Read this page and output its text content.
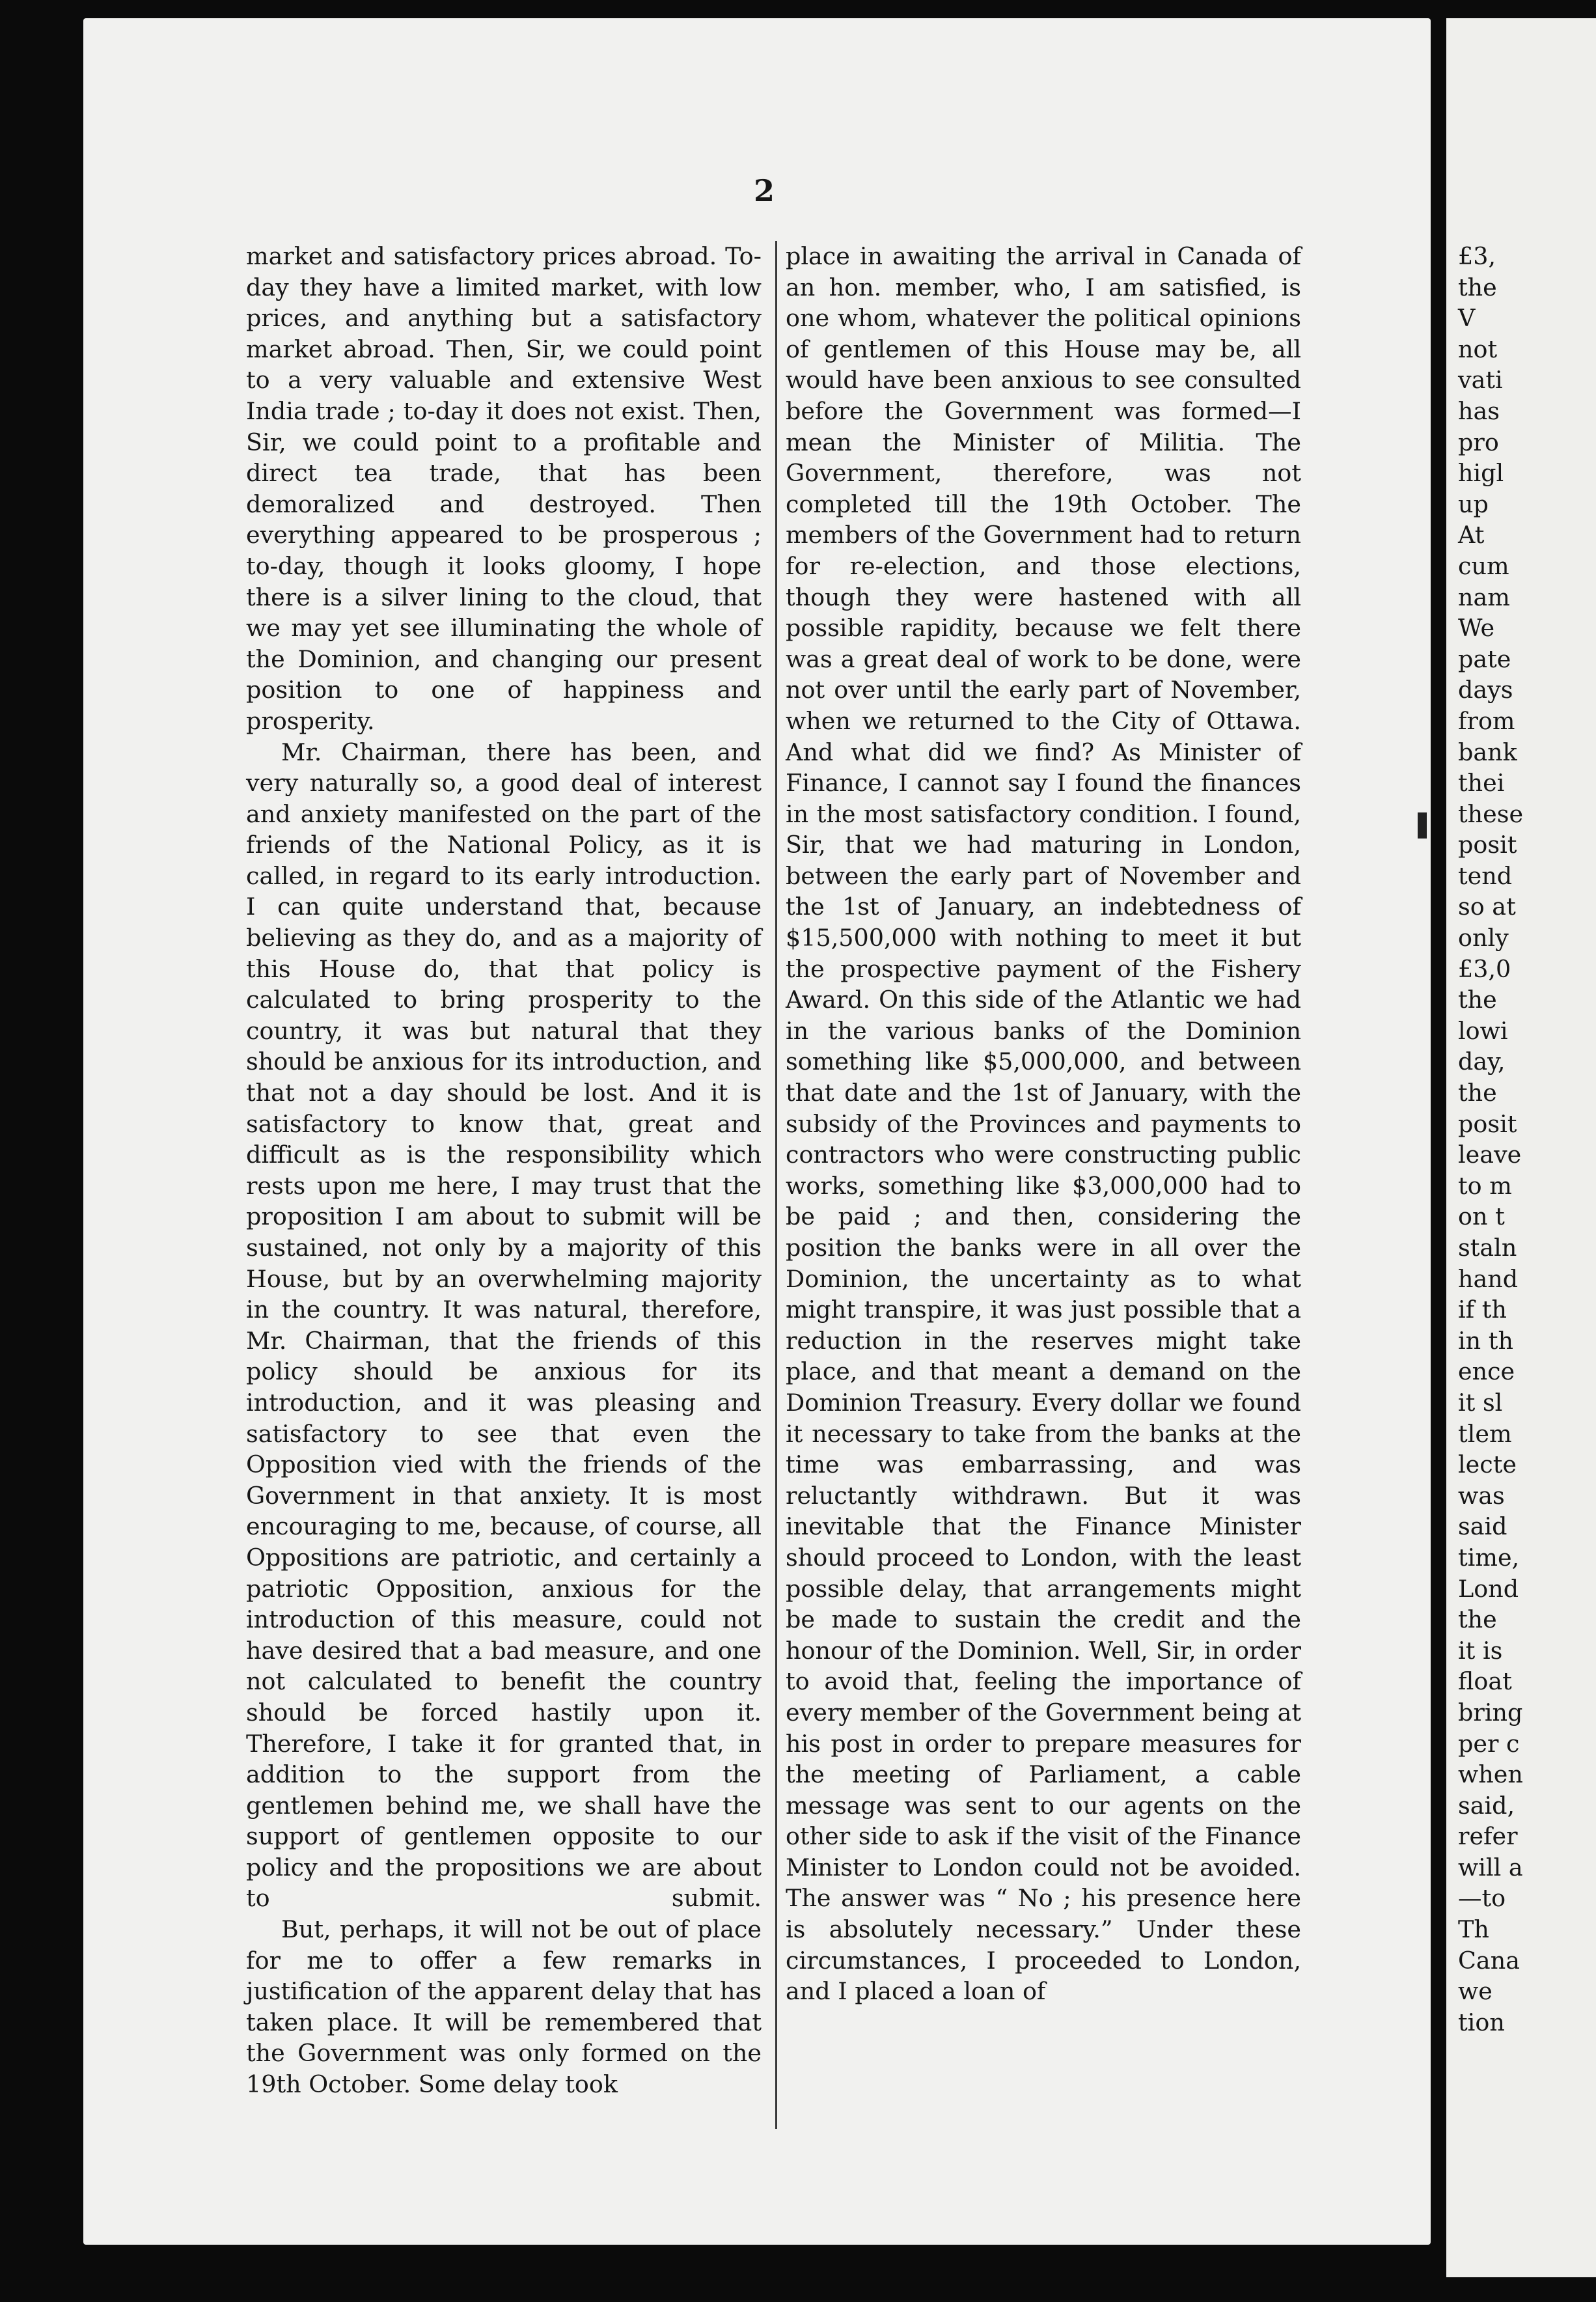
2

market and satisfactory prices abroad. To-day they have a limited market, with low prices, and anything but a satisfactory market abroad. Then, Sir, we could point to a very valuable and extensive West India trade ; to-day it does not exist. Then, Sir, we could point to a profitable and direct tea trade, that has been demoralized and destroyed. Then everything appeared to be prosperous ; to-day, though it looks gloomy, I hope there is a silver lining to the cloud, that we may yet see illuminating the whole of the Dominion, and changing our present position to one of happiness and prosperity.

Mr. Chairman, there has been, and very naturally so, a good deal of interest and anxiety manifested on the part of the friends of the National Policy, as it is called, in regard to its early introduction. I can quite understand that, because believing as they do, and as a majority of this House do, that that policy is calculated to bring prosperity to the country, it was but natural that they should be anxious for its introduction, and that not a day should be lost. And it is satisfactory to know that, great and difficult as is the responsibility which rests upon me here, I may trust that the proposition I am about to submit will be sustained, not only by a majority of this House, but by an overwhelming majority in the country. It was natural, therefore, Mr. Chairman, that the friends of this policy should be anxious for its introduction, and it was pleasing and satisfactory to see that even the Opposition vied with the friends of the Government in that anxiety. It is most encouraging to me, because, of course, all Oppositions are patriotic, and certainly a patriotic Opposition, anxious for the introduction of this measure, could not have desired that a bad measure, and one not calculated to benefit the country should be forced hastily upon it. Therefore, I take it for granted that, in addition to the support from the gentlemen behind me, we shall have the support of gentlemen opposite to our policy and the propositions we are about to submit.

But, perhaps, it will not be out of place for me to offer a few remarks in justification of the apparent delay that has taken place. It will be remembered that the Government was only formed on the 19th October. Some delay took

place in awaiting the arrival in Canada of an hon. member, who, I am satisfied, is one whom, whatever the political opinions of gentlemen of this House may be, all would have been anxious to see consulted before the Government was formed—I mean the Minister of Militia. The Government, therefore, was not completed till the 19th October. The members of the Government had to return for re-election, and those elections, though they were hastened with all possible rapidity, because we felt there was a great deal of work to be done, were not over until the early part of November, when we returned to the City of Ottawa. And what did we find? As Minister of Finance, I cannot say I found the finances in the most satisfactory condition. I found, Sir, that we had maturing in London, between the early part of November and the 1st of January, an indebtedness of $15,500,000 with nothing to meet it but the prospective payment of the Fishery Award. On this side of the Atlantic we had in the various banks of the Dominion something like $5,000,000, and between that date and the 1st of January, with the subsidy of the Provinces and payments to contractors who were constructing public works, something like $3,000,000 had to be paid ; and then, considering the position the banks were in all over the Dominion, the uncertainty as to what might transpire, it was just possible that a reduction in the reserves might take place, and that meant a demand on the Dominion Treasury. Every dollar we found it necessary to take from the banks at the time was embarrassing, and was reluctantly withdrawn. But it was inevitable that the Finance Minister should proceed to London, with the least possible delay, that arrangements might be made to sustain the credit and the honour of the Dominion. Well, Sir, in order to avoid that, feeling the importance of every member of the Government being at his post in order to prepare measures for the meeting of Parliament, a cable message was sent to our agents on the other side to ask if the visit of the Finance Minister to London could not be avoided. The answer was “ No ; his presence here is absolutely necessary.” Under these circumstances, I proceeded to London, and I placed a loan of

£3,
the
V
not
vati
has
pro
higl
up
At
cum
nam
We
pate
days
from
bank
thei
these
posit
tend
so at
only
£3,0
the
lowi
day,
the
posit
leave
to m
on t
staln
hand
if th
in th
ence
it sl
tlem
lecte
was
said
time,
Lond
the
it is
float
bring
per c
when
said,
refer
will a
—to
Th
Cana
we
tion
